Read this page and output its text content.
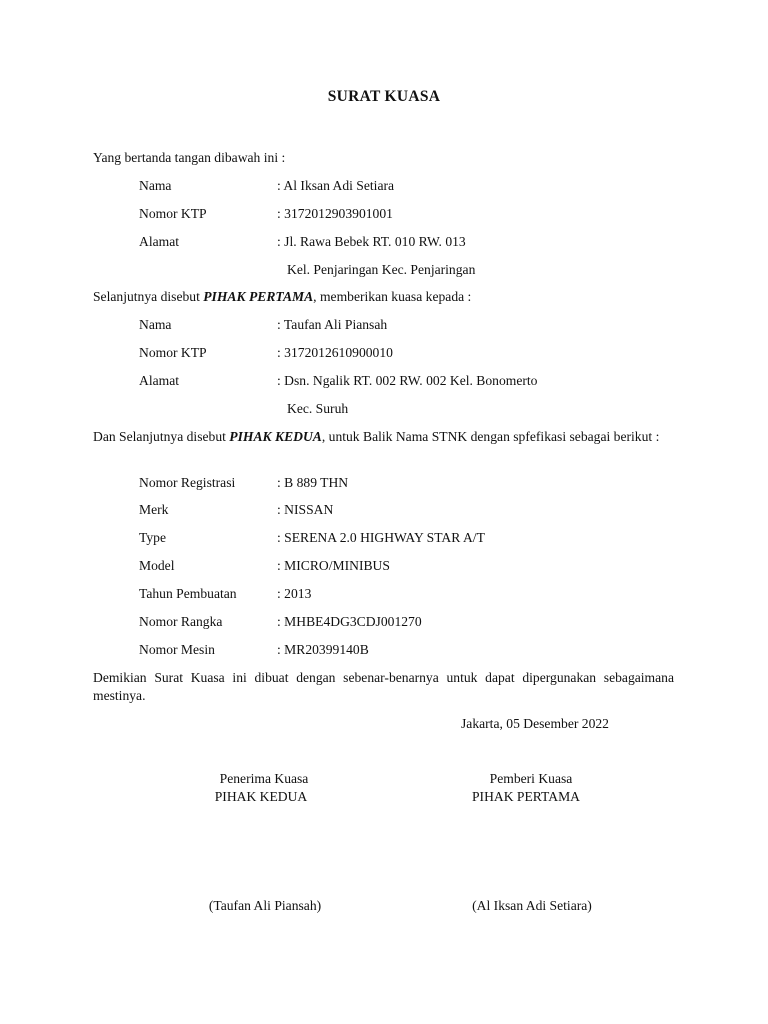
SURAT KUASA
Yang bertanda tangan dibawah ini :
Nama	: Al Iksan Adi Setiara
Nomor KTP	: 3172012903901001
Alamat	: Jl. Rawa Bebek RT. 010 RW. 013
Kel. Penjaringan Kec. Penjaringan
Selanjutnya disebut PIHAK PERTAMA, memberikan kuasa kepada :
Nama	: Taufan Ali Piansah
Nomor KTP	: 3172012610900010
Alamat	: Dsn. Ngalik RT. 002 RW. 002 Kel. Bonomerto
Kec. Suruh
Dan Selanjutnya disebut PIHAK KEDUA, untuk Balik Nama STNK dengan spfefikasi sebagai berikut :
Nomor Registrasi	: B 889 THN
Merk	: NISSAN
Type	: SERENA 2.0 HIGHWAY STAR A/T
Model	: MICRO/MINIBUS
Tahun Pembuatan	: 2013
Nomor Rangka	: MHBE4DG3CDJ001270
Nomor Mesin	: MR20399140B
Demikian Surat Kuasa ini dibuat dengan sebenar-benarnya untuk dapat dipergunakan sebagaimana mestinya.
Jakarta, 05 Desember 2022
Penerima Kuasa
PIHAK KEDUA
(Taufan Ali Piansah)
Pemberi Kuasa
PIHAK PERTAMA
(Al Iksan Adi Setiara)
